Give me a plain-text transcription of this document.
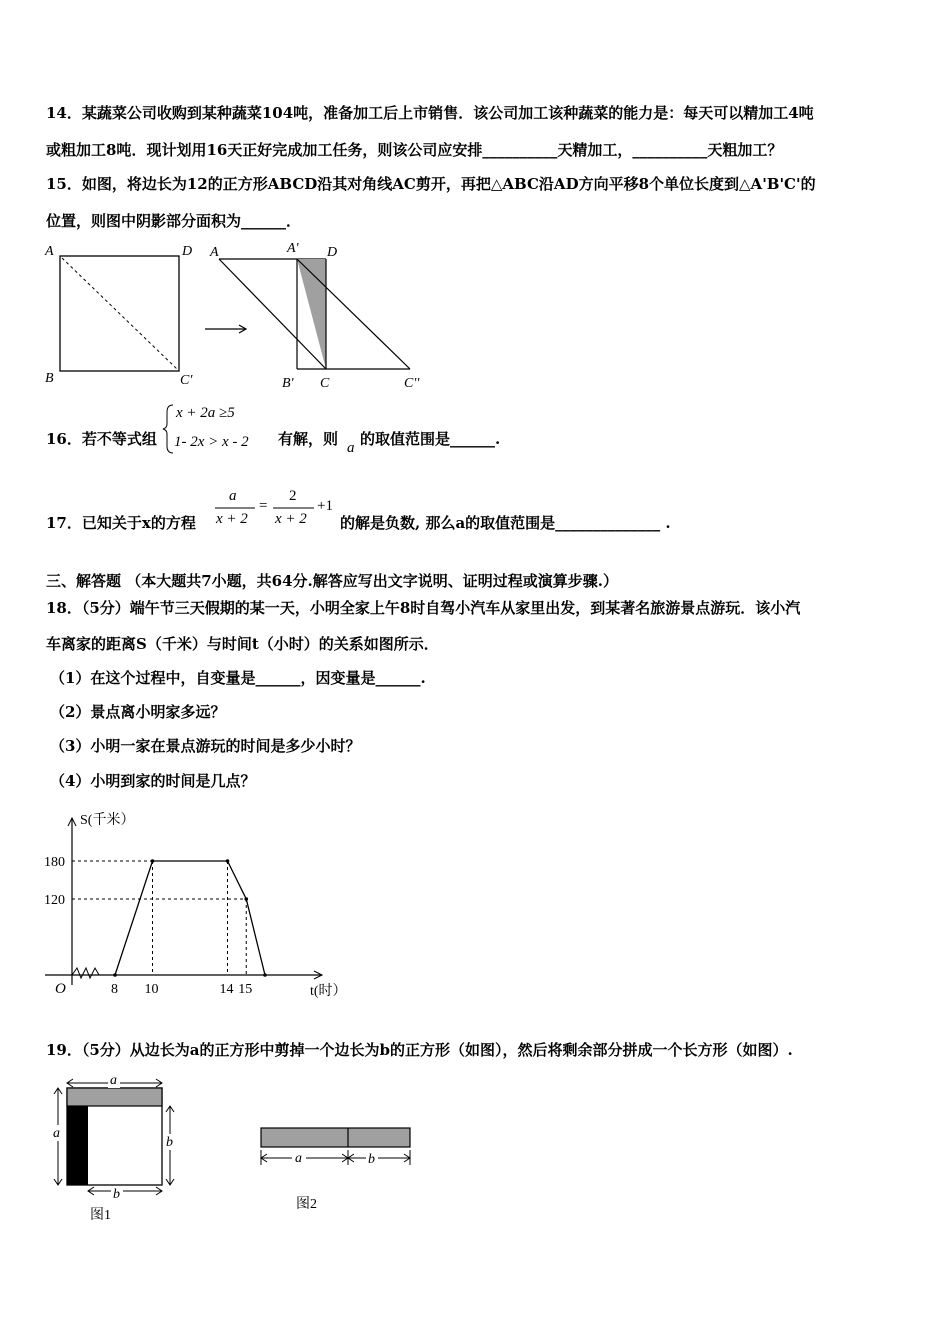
14．某蔬菜公司收购到某种蔬菜104吨，准备加工后上市销售．该公司加工该种蔬菜的能力是：每天可以精加工4吨
或粗加工8吨．现计划用16天正好完成加工任务，则该公司应安排__________天精加工，__________天粗加工？
15．如图，将边长为12的正方形ABCD沿其对角线AC剪开，再把△ABC沿AD方向平移8个单位长度到△A'B'C'的
位置，则图中阴影部分面积为______．
A	D
B	C'
A	A' D
B' C	C''
8 10	14 15
180
120
O
S(千米）
t(时）
a
a
b
b
图1
a	b
图2
16．若不等式组
x + 2a ≥5
1- 2x > x - 2 有解，则 a 的取值范围是______.
17．已知关于x的方程
a
x + 2
=
2
x + 2
+1
的解是负数, 那么a的取值范围是______________ .
三、解答题 （本大题共7小题，共64分.解答应写出文字说明、证明过程或演算步骤.）
18．（5分）端午节三天假期的某一天，小明全家上午8时自驾小汽车从家里出发，到某著名旅游景点游玩．该小汽
车离家的距离S（千米）与时间t（小时）的关系如图所示．
（1）在这个过程中，自变量是______，因变量是______.
（2）景点离小明家多远？
（3）小明一家在景点游玩的时间是多少小时？
（4）小明到家的时间是几点？
19．（5分）从边长为a的正方形中剪掉一个边长为b的正方形（如图），然后将剩余部分拼成一个长方形（如图）.
